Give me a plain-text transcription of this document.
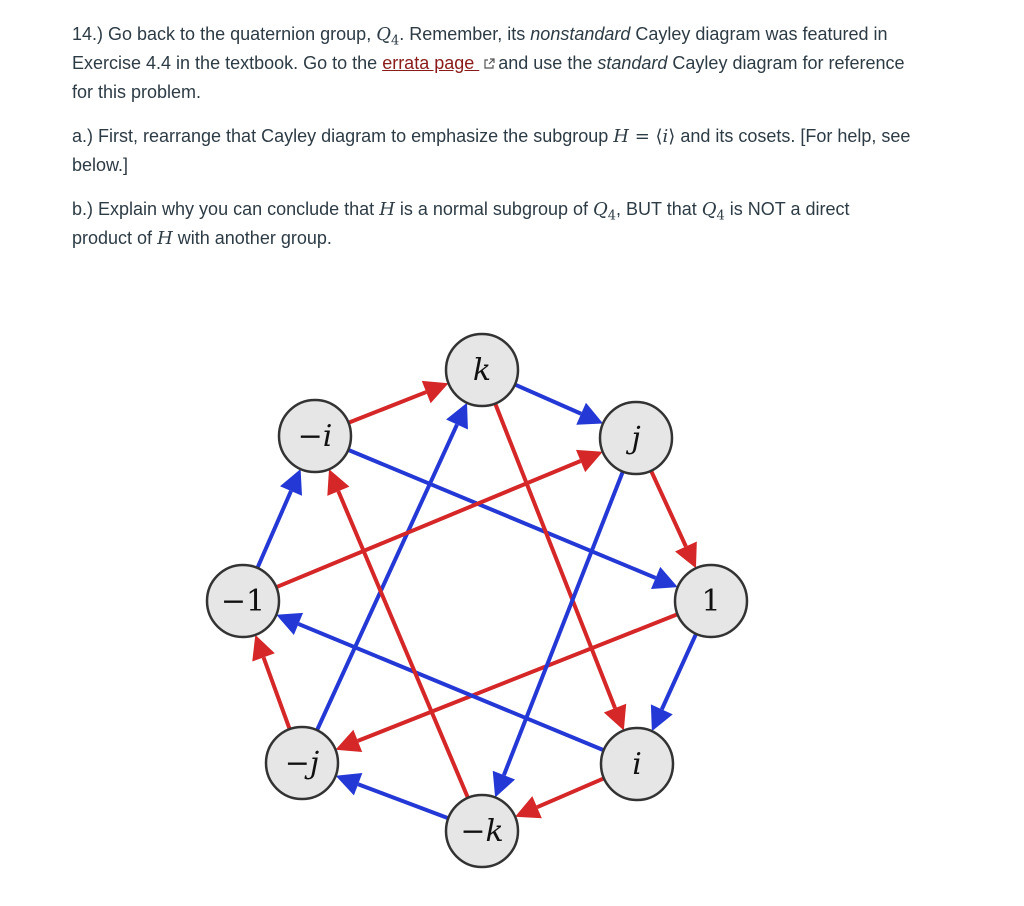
14.) Go back to the quaternion group, $Q_4$. Remember, its nonstandard Cayley diagram was featured in Exercise 4.4 in the textbook. Go to the errata page and use the standard Cayley diagram for reference for this problem.

a.) First, rearrange that Cayley diagram to emphasize the subgroup H = ⟨i⟩ and its cosets. [For help, see below.]

b.) Explain why you can conclude that H is a normal subgroup of $Q_4$, BUT that $Q_4$ is NOT a direct product of H with another group.

k
j
1
i
−k
−j
−1
−i
